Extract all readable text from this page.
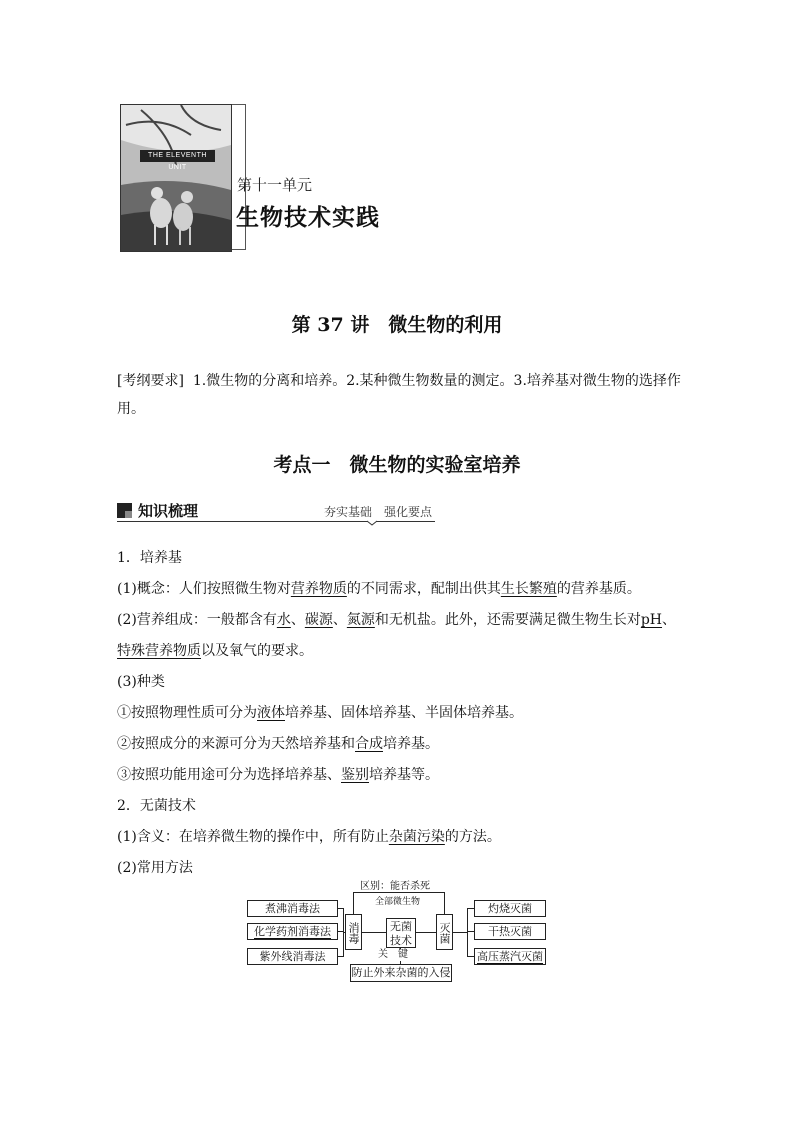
THE ELEVENTH UNIT
第十一单元
生物技术实践
第 37 讲　微生物的利用
[考纲要求] 1.微生物的分离和培养。2.某种微生物数量的测定。3.培养基对微生物的选择作用。
考点一　微生物的实验室培养
知识梳理	夯实基础　强化要点
1．培养基
(1)概念：人们按照微生物对营养物质的不同需求，配制出供其生长繁殖的营养基质。
(2)营养组成：一般都含有水、碳源、氮源和无机盐。此外，还需要满足微生物生长对pH、
特殊营养物质以及氧气的要求。
(3)种类
①按照物理性质可分为液体培养基、固体培养基、半固体培养基。
②按照成分的来源可分为天然培养基和合成培养基。
③按照功能用途可分为选择培养基、鉴别培养基等。
2．无菌技术
(1)含义：在培养微生物的操作中，所有防止杂菌污染的方法。
(2)常用方法
煮沸消毒法
化学药剂消毒法
紫外线消毒法
消毒	无菌技术	灭菌
区别：能否杀死
全部微生物
关　键
防止外来杂菌的入侵
灼烧灭菌
干热灭菌
高压蒸汽灭菌
